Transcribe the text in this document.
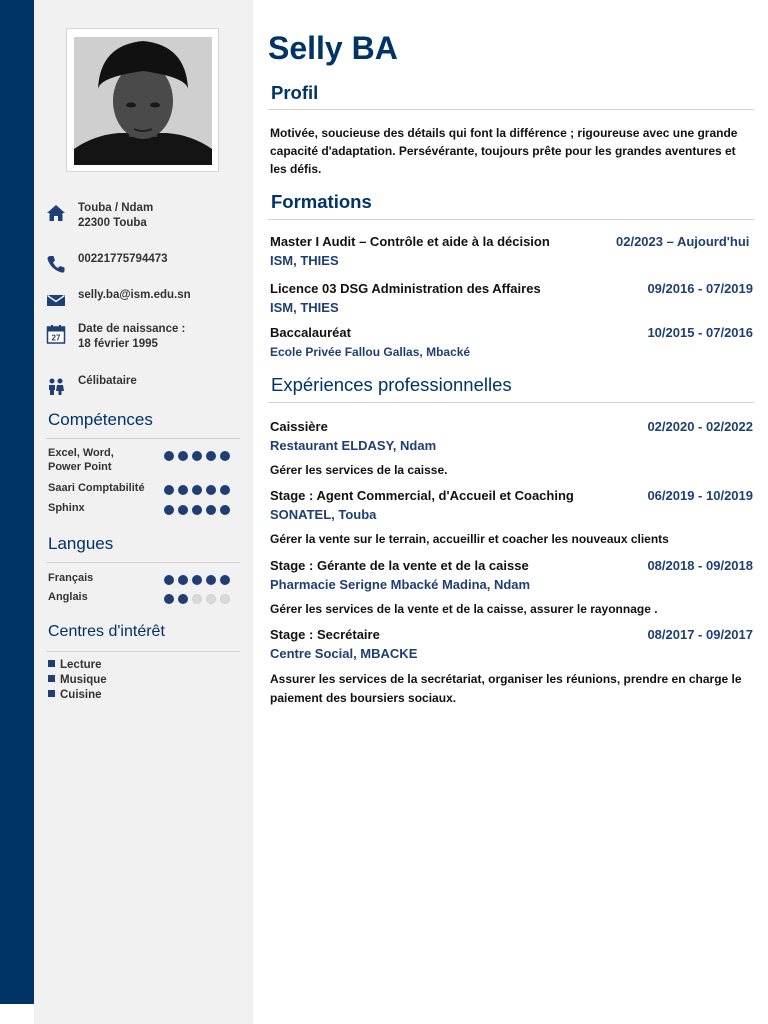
Touba / Ndam
22300 Touba
00221775794473
selly.ba@ism.edu.sn
27
Date de naissance :
18 février 1995
Célibataire
Compétences
Excel, Word,
Power Point
Saari Comptabilité
Sphinx
Langues
Français
Anglais
Centres d'intérêt
Lecture
Musique
Cuisine
Selly BA
Profil
Motivée, soucieuse des détails qui font la différence ; rigoureuse avec une grande capacité d'adaptation. Persévérante, toujours prête pour les grandes aventures et les défis.
Formations
Master I Audit – Contrôle et aide à la décision	02/2023 – Aujourd'hui
ISM, THIES
Licence 03 DSG Administration des Affaires	09/2016 - 07/2019
ISM, THIES
Baccalauréat	10/2015 - 07/2016
Ecole Privée Fallou Gallas, Mbacké
Expériences professionnelles
Caissière	02/2020 - 02/2022
Restaurant ELDASY, Ndam
Gérer les services de la caisse.
Stage : Agent Commercial, d'Accueil et Coaching	06/2019 - 10/2019
SONATEL, Touba
Gérer la vente sur le terrain, accueillir et coacher les nouveaux clients
Stage : Gérante de la vente et de la caisse	08/2018 - 09/2018
Pharmacie Serigne Mbacké Madina, Ndam
Gérer les services de la vente et de la caisse, assurer le rayonnage .
Stage : Secrétaire	08/2017 - 09/2017
Centre Social, MBACKE
Assurer les services de la secrétariat, organiser les réunions, prendre en charge le paiement des boursiers sociaux.
